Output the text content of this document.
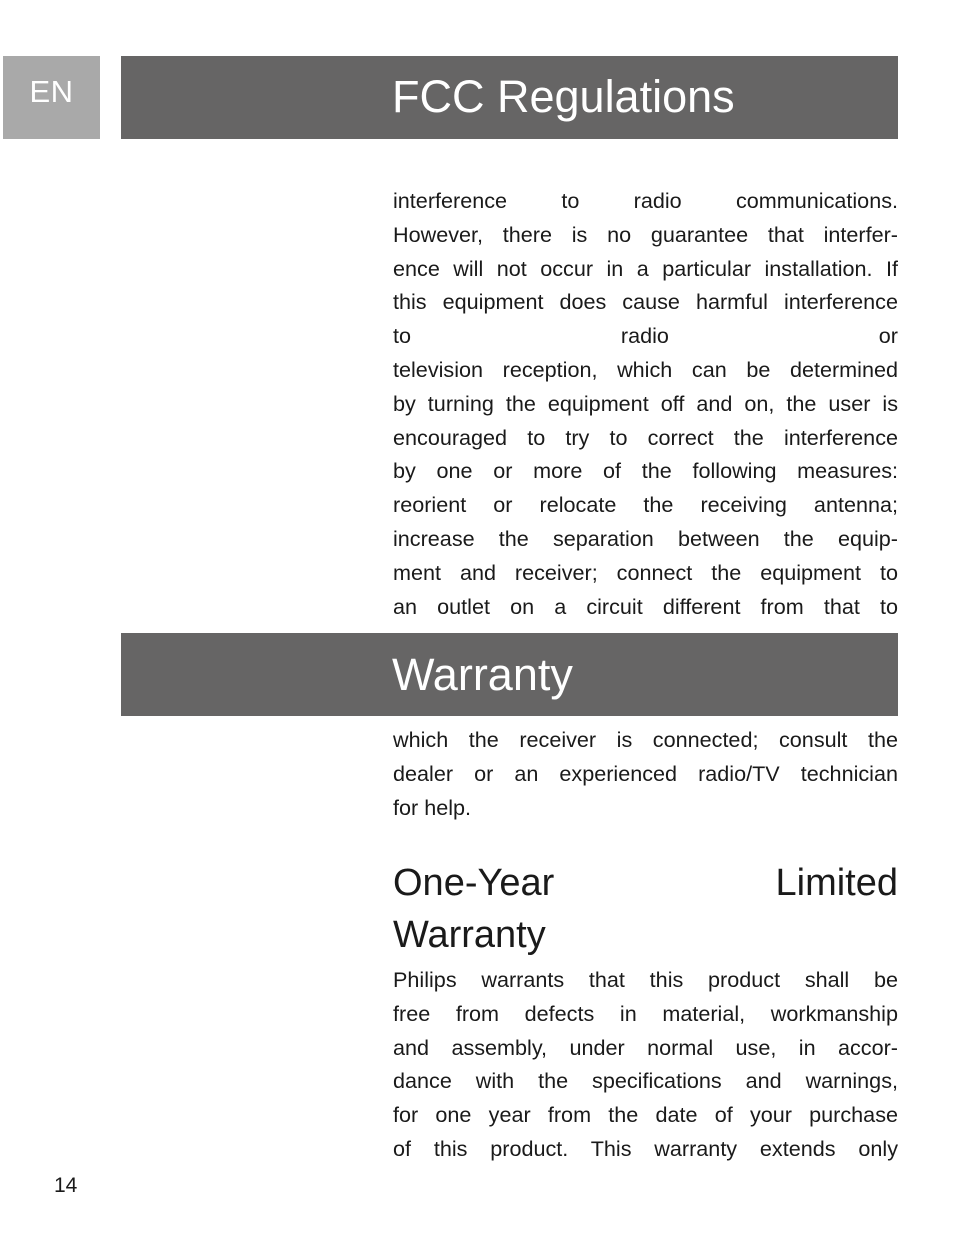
EN	FCC Regulations
interference to radio communications.
However, there is no guarantee that interfer-
ence will not occur in a particular installation. If
this equipment does cause harmful interference
to radio or
television reception, which can be determined
by turning the equipment off and on, the user is
encouraged to try to correct the interference
by one or more of the following measures:
reorient or relocate the receiving antenna;
increase the separation between the equip-
ment and receiver; connect the equipment to
an outlet on a circuit different from that to
Warranty
which the receiver is connected; consult the
dealer or an experienced radio/TV technician
for help.
One-Year Limited
Warranty
Philips warrants that this product shall be
free from defects in material, workmanship
and assembly, under normal use, in accor-
dance with the specifications and warnings,
for one year from the date of your purchase
of this product. This warranty extends only
14
